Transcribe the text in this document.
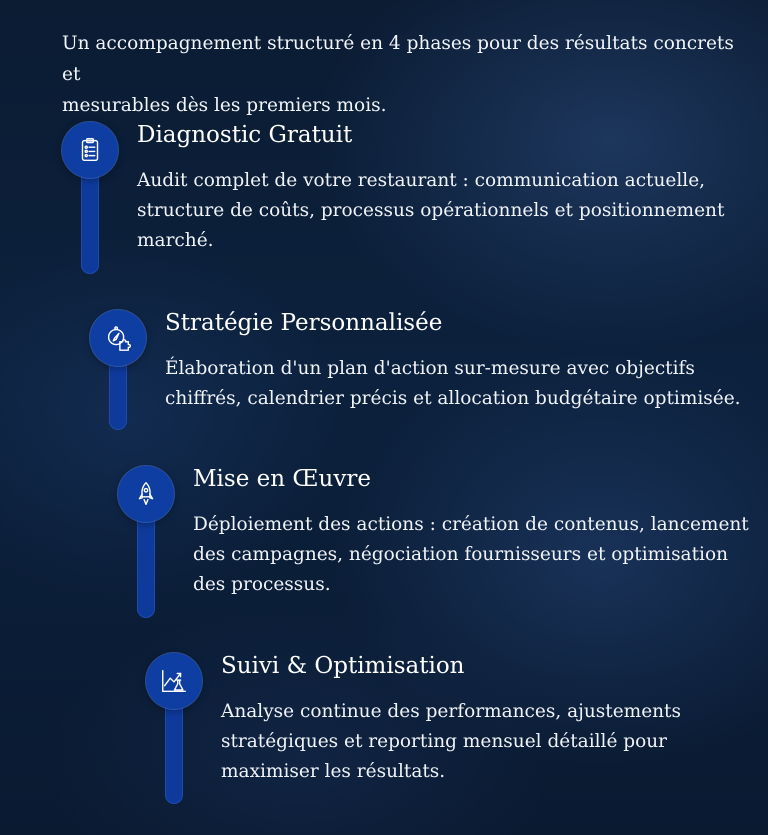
Un accompagnement structuré en 4 phases pour des résultats concrets et
mesurables dès les premiers mois.

Diagnostic Gratuit

Audit complet de votre restaurant : communication actuelle,
structure de coûts, processus opérationnels et positionnement
marché.

Stratégie Personnalisée

Élaboration d'un plan d'action sur-mesure avec objectifs
chiffrés, calendrier précis et allocation budgétaire optimisée.

Mise en Œuvre

Déploiement des actions : création de contenus, lancement
des campagnes, négociation fournisseurs et optimisation
des processus.

Suivi & Optimisation

Analyse continue des performances, ajustements
stratégiques et reporting mensuel détaillé pour
maximiser les résultats.
